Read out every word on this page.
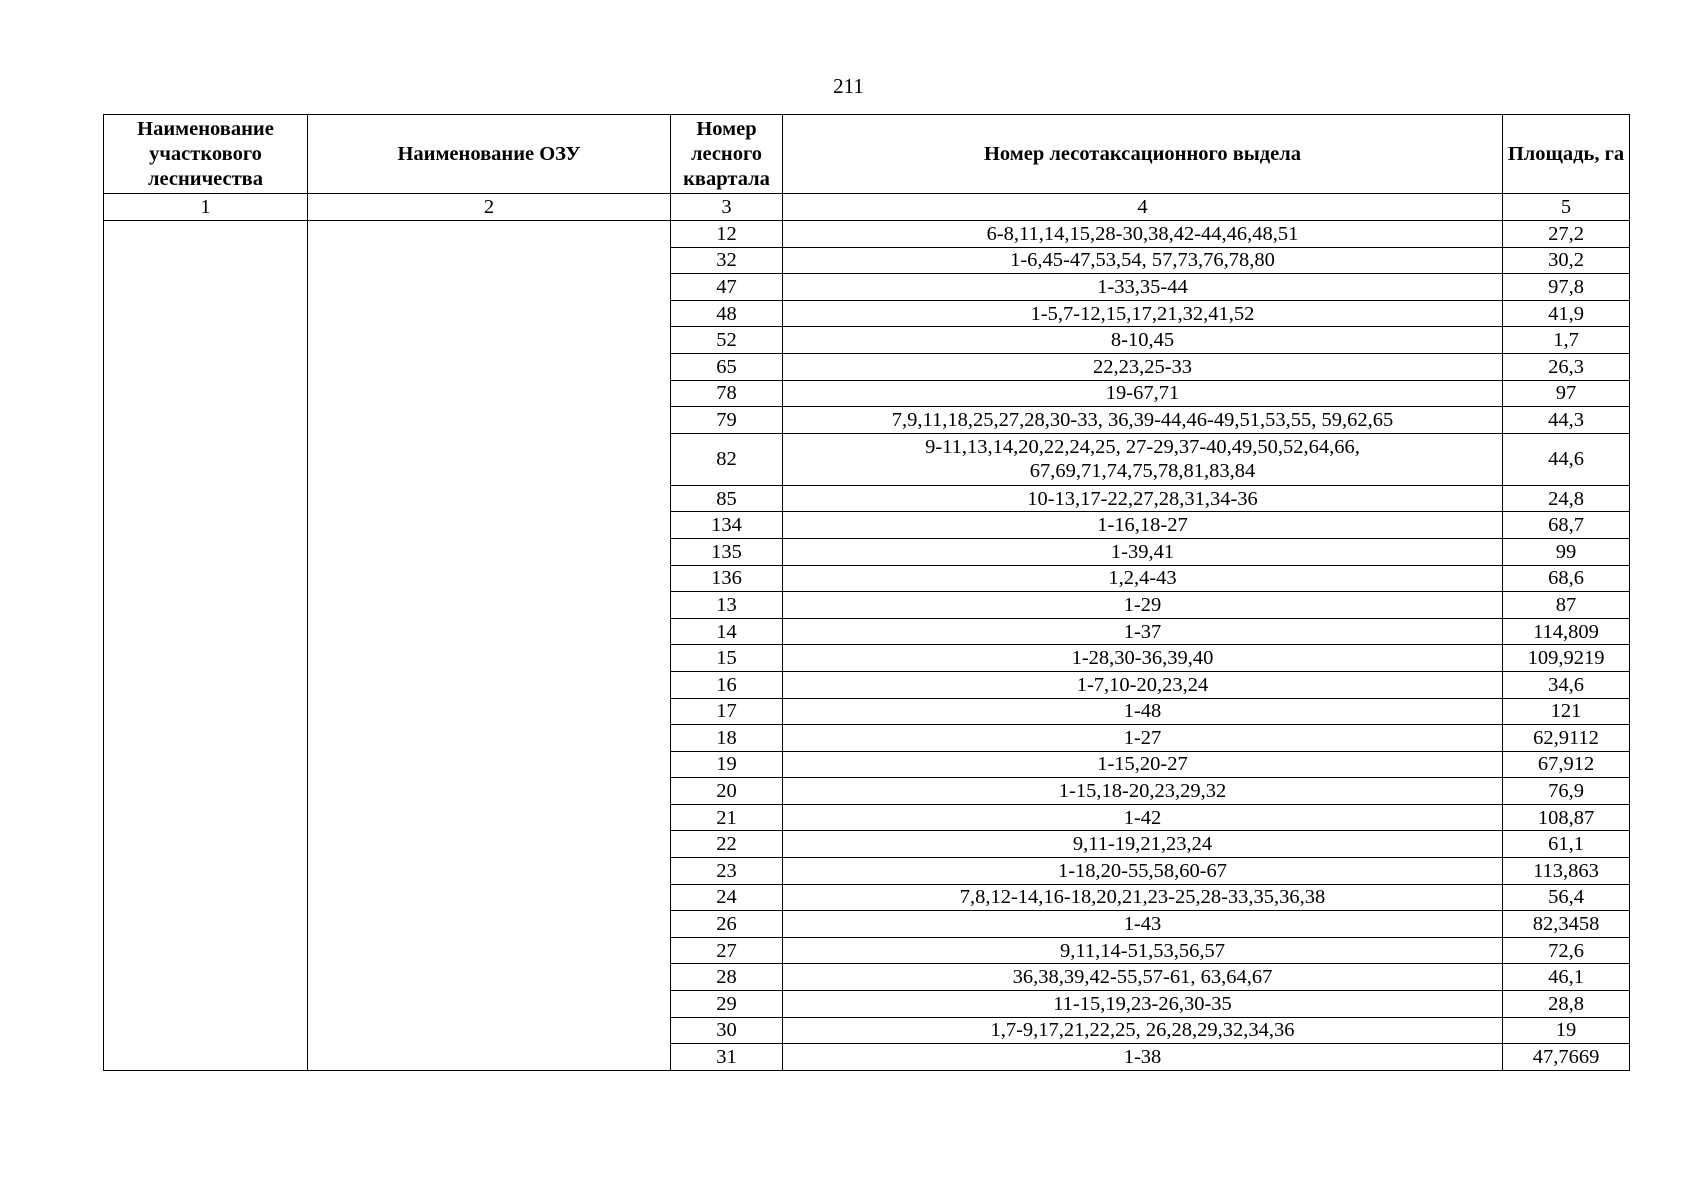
211
Наименование участкового лесничества	Наименование ОЗУ	Номер лесного квартала	Номер лесотаксационного выдела	Площадь, га
1	2	3	4	5
		12	6-8,11,14,15,28-30,38,42-44,46,48,51	27,2
		32	1-6,45-47,53,54, 57,73,76,78,80	30,2
		47	1-33,35-44	97,8
		48	1-5,7-12,15,17,21,32,41,52	41,9
		52	8-10,45	1,7
		65	22,23,25-33	26,3
		78	19-67,71	97
		79	7,9,11,18,25,27,28,30-33, 36,39-44,46-49,51,53,55, 59,62,65	44,3
		82	9-11,13,14,20,22,24,25, 27-29,37-40,49,50,52,64,66,
67,69,71,74,75,78,81,83,84	44,6
		85	10-13,17-22,27,28,31,34-36	24,8
		134	1-16,18-27	68,7
		135	1-39,41	99
		136	1,2,4-43	68,6
		13	1-29	87
		14	1-37	114,809
		15	1-28,30-36,39,40	109,9219
		16	1-7,10-20,23,24	34,6
		17	1-48	121
		18	1-27	62,9112
		19	1-15,20-27	67,912
		20	1-15,18-20,23,29,32	76,9
		21	1-42	108,87
		22	9,11-19,21,23,24	61,1
		23	1-18,20-55,58,60-67	113,863
		24	7,8,12-14,16-18,20,21,23-25,28-33,35,36,38	56,4
		26	1-43	82,3458
		27	9,11,14-51,53,56,57	72,6
		28	36,38,39,42-55,57-61, 63,64,67	46,1
		29	11-15,19,23-26,30-35	28,8
		30	1,7-9,17,21,22,25, 26,28,29,32,34,36	19
		31	1-38	47,7669
